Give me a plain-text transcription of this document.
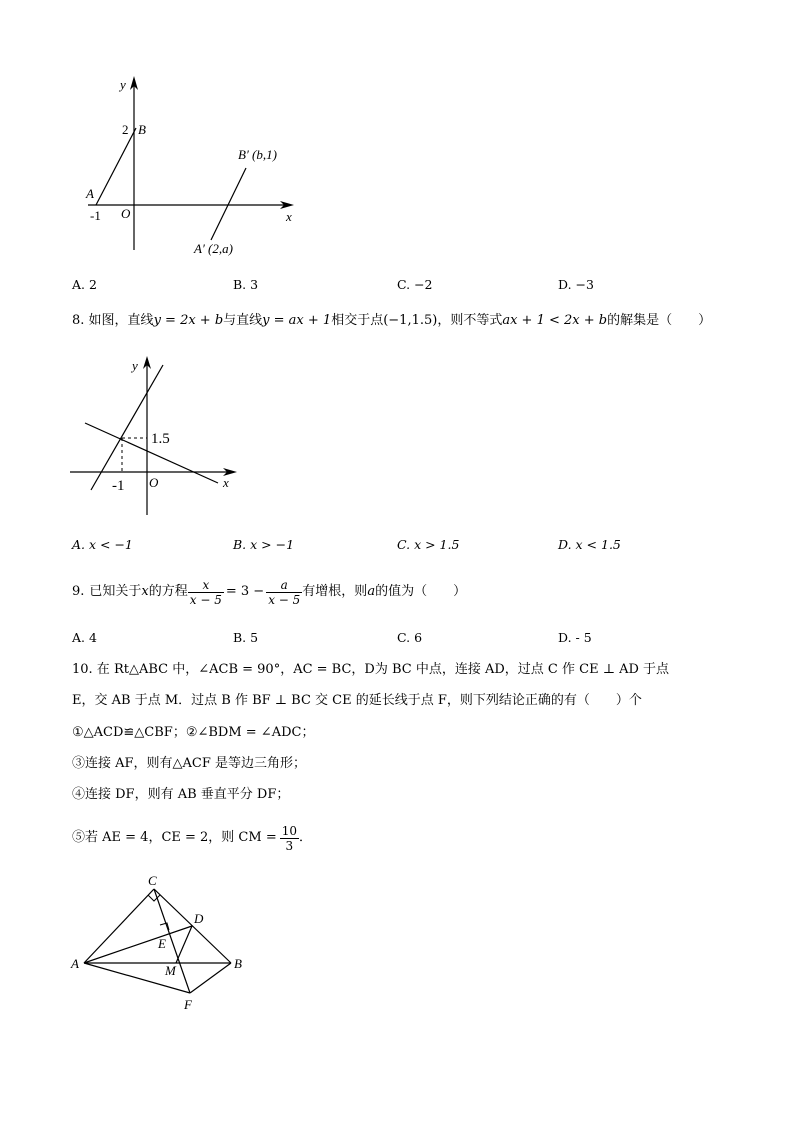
y
x
O
2 B
A
-1
B′ (b,1)
A′ (2,a)
A. 2	B. 3	C. −2	D. −3
8. 如图，直线y = 2x + b与直线y = ax + 1相交于点(−1,1.5)，则不等式ax + 1 < 2x + b的解集是（　　）
y
x
O
1.5
-1
A. x < −1	B. x > −1	C. x > 1.5	D. x < 1.5
9. 已知关于 x 的方程 $\frac{x}{x - 5} = 3 - \frac{a}{x - 5}$ 有增根，则 a 的值为（　　）
A. 4	B. 5	C. 6	D. - 5
10. 在 Rt△ABC 中，∠ACB = 90°，AC = BC，D为 BC 中点，连接 AD，过点 C 作 CE ⊥ AD 于点
E，交 AB 于点 M．过点 B 作 BF ⊥ BC 交 CE 的延长线于点 F，则下列结论正确的有（　　）个
①△ACD≌△CBF；②∠BDM = ∠ADC；
③连接 AF，则有△ACF 是等边三角形；
④连接 DF，则有 AB 垂直平分 DF；
⑤若 AE = 4，CE = 2，则 CM = $\frac{10}{3}$ ．
C
D
E
A	M	B
F
